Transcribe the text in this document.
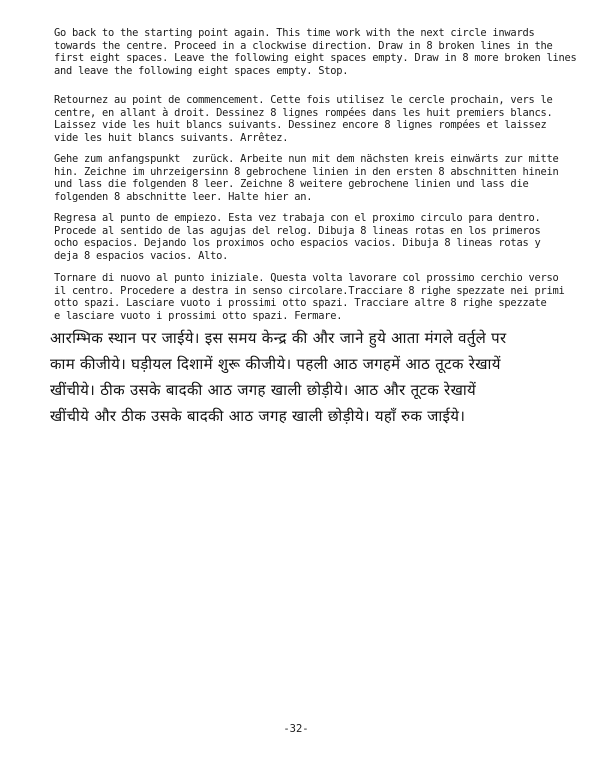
Go back to the starting point again. This time work with the next circle inwards
towards the centre. Proceed in a clockwise direction. Draw in 8 broken lines in the
first eight spaces. Leave the following eight spaces empty. Draw in 8 more broken lines
and leave the following eight spaces empty. Stop.

Retournez au point de commencement. Cette fois utilisez le cercle prochain, vers le
centre, en allant à droit. Dessinez 8 lignes rompées dans les huit premiers blancs.
Laissez vide les huit blancs suivants. Dessinez encore 8 lignes rompées et laissez
vide les huit blancs suivants. Arrêtez.

Gehe zum anfangspunkt  zurück. Arbeite nun mit dem nächsten kreis einwärts zur mitte
hin. Zeichne im uhrzeigersinn 8 gebrochene linien in den ersten 8 abschnitten hinein
und lass die folgenden 8 leer. Zeichne 8 weitere gebrochene linien und lass die
folgenden 8 abschnitte leer. Halte hier an.

Regresa al punto de empiezo. Esta vez trabaja con el proximo circulo para dentro.
Procede al sentido de las agujas del relog. Dibuja 8 lineas rotas en los primeros
ocho espacios. Dejando los proximos ocho espacios vacios. Dibuja 8 lineas rotas y
deja 8 espacios vacios. Alto.

Tornare di nuovo al punto iniziale. Questa volta lavorare col prossimo cerchio verso
il centro. Procedere a destra in senso circolare.Tracciare 8 righe spezzate nei primi
otto spazi. Lasciare vuoto i prossimi otto spazi. Tracciare altre 8 righe spezzate
e lasciare vuoto i prossimi otto spazi. Fermare.

आरम्भिक स्थान पर जाईये। इस समय केन्द्र की और जाने हुये आता मंगले वर्तुले पर
काम कीजीये। घड़ीयल दिशामें शुरू कीजीये। पहली आठ जगहमें आठ तूटक रेखायें
खींचीये। ठीक उसके बादकी आठ जगह खाली छोड़ीये। आठ और तूटक रेखायें
खींचीये और ठीक उसके बादकी आठ जगह खाली छोड़ीये। यहाँ रुक जाईये।
-32-
